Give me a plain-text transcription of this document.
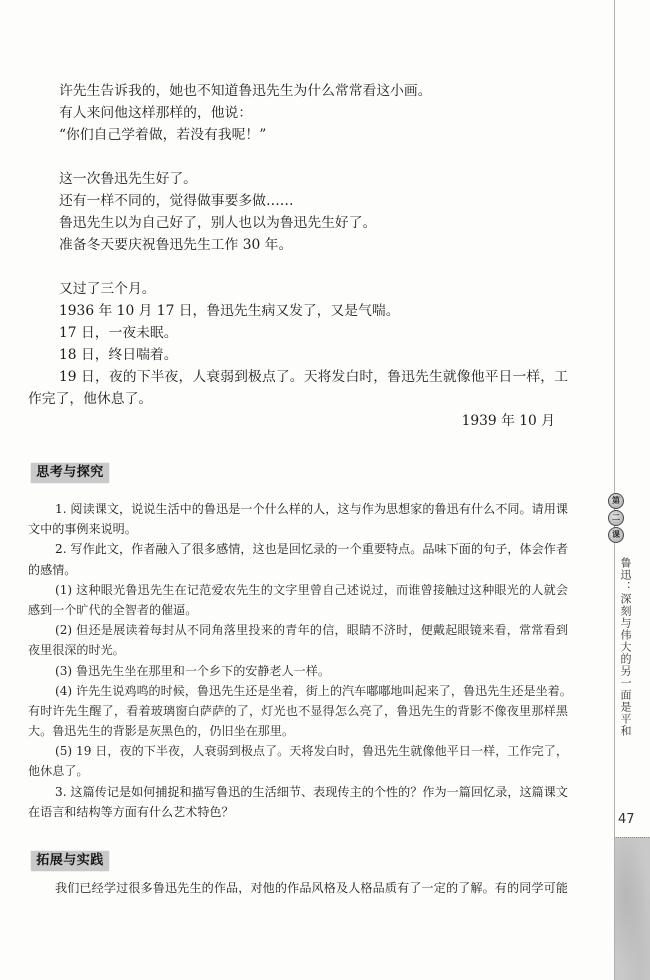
许先生告诉我的，她也不知道鲁迅先生为什么常常看这小画。
有人来问他这样那样的，他说：
“你们自己学着做，若没有我呢！”
这一次鲁迅先生好了。
还有一样不同的，觉得做事要多做……
鲁迅先生以为自己好了，别人也以为鲁迅先生好了。
准备冬天要庆祝鲁迅先生工作 30 年。
又过了三个月。
1936 年 10 月 17 日，鲁迅先生病又发了，又是气喘。
17 日，一夜未眠。
18 日，终日喘着。
19 日，夜的下半夜，人衰弱到极点了。天将发白时，鲁迅先生就像他平日一样，工
作完了，他休息了。
1939 年 10 月
思考与探究
1. 阅读课文，说说生活中的鲁迅是一个什么样的人，这与作为思想家的鲁迅有什么不同。请用课
文中的事例来说明。
2. 写作此文，作者融入了很多感情，这也是回忆录的一个重要特点。品味下面的句子，体会作者
的感情。
(1) 这种眼光鲁迅先生在记范爱农先生的文字里曾自己述说过，而谁曾接触过这种眼光的人就会
感到一个旷代的全智者的催逼。
(2) 但还是展读着每封从不同角落里投来的青年的信，眼睛不济时，便戴起眼镜来看，常常看到
夜里很深的时光。
(3) 鲁迅先生坐在那里和一个乡下的安静老人一样。
(4) 许先生说鸡鸣的时候，鲁迅先生还是坐着，街上的汽车嘟嘟地叫起来了，鲁迅先生还是坐着。
有时许先生醒了，看着玻璃窗白萨萨的了，灯光也不显得怎么亮了，鲁迅先生的背影不像夜里那样黑
大。鲁迅先生的背影是灰黑色的，仍旧坐在那里。
(5) 19 日，夜的下半夜，人衰弱到极点了。天将发白时，鲁迅先生就像他平日一样，工作完了，
他休息了。
3. 这篇传记是如何捕捉和描写鲁迅的生活细节、表现传主的个性的？作为一篇回忆录，这篇课文
在语言和结构等方面有什么艺术特色？
拓展与实践
我们已经学过很多鲁迅先生的作品，对他的作品风格及人格品质有了一定的了解。有的同学可能
第
二
课
鲁迅：深刻与伟大的另一面是平和
47
